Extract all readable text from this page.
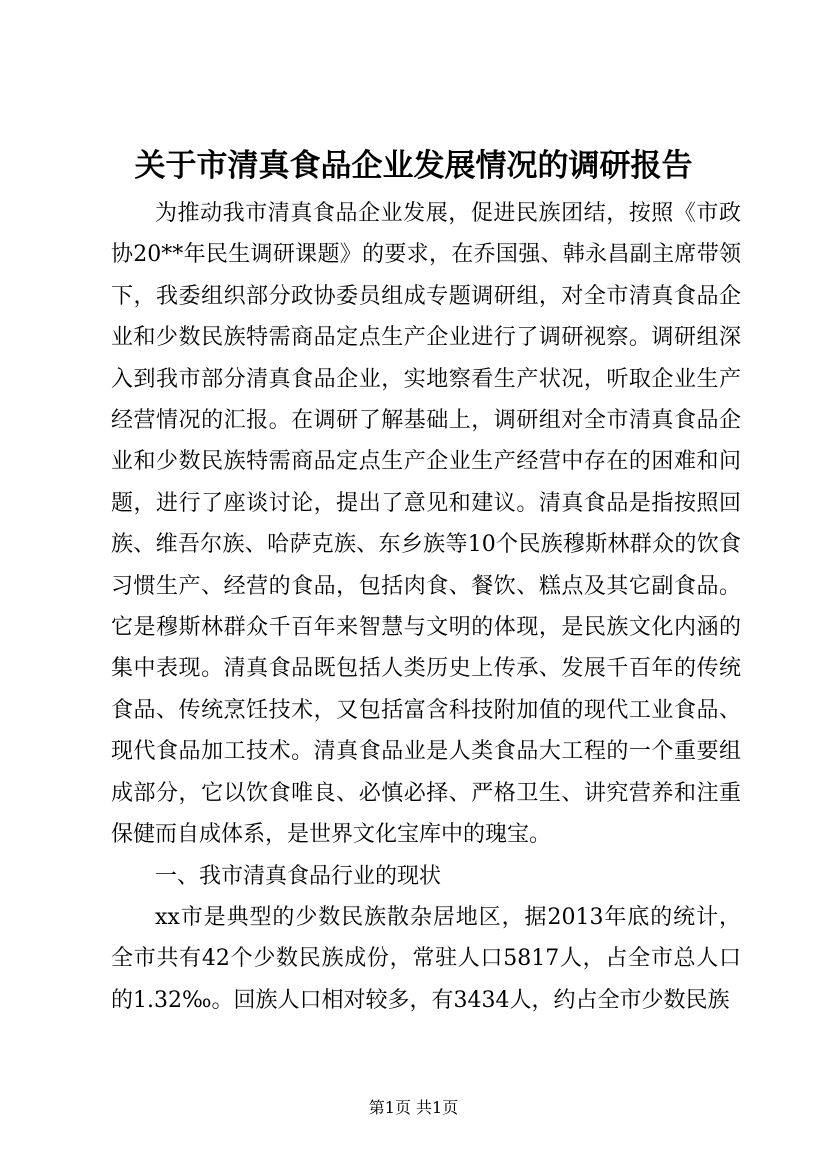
关于市清真食品企业发展情况的调研报告

为推动我市清真食品企业发展，促进民族团结，按照《市政协20**年民生调研课题》的要求，在乔国强、韩永昌副主席带领下，我委组织部分政协委员组成专题调研组，对全市清真食品企业和少数民族特需商品定点生产企业进行了调研视察。调研组深入到我市部分清真食品企业，实地察看生产状况，听取企业生产经营情况的汇报。在调研了解基础上，调研组对全市清真食品企业和少数民族特需商品定点生产企业生产经营中存在的困难和问题，进行了座谈讨论，提出了意见和建议。清真食品是指按照回族、维吾尔族、哈萨克族、东乡族等10个民族穆斯林群众的饮食习惯生产、经营的食品，包括肉食、餐饮、糕点及其它副食品。它是穆斯林群众千百年来智慧与文明的体现，是民族文化内涵的集中表现。清真食品既包括人类历史上传承、发展千百年的传统食品、传统烹饪技术，又包括富含科技附加值的现代工业食品、现代食品加工技术。清真食品业是人类食品大工程的一个重要组成部分，它以饮食唯良、必慎必择、严格卫生、讲究营养和注重保健而自成体系，是世界文化宝库中的瑰宝。

一、我市清真食品行业的现状

xx市是典型的少数民族散杂居地区，据2013年底的统计，全市共有42个少数民族成份，常驻人口5817人，占全市总人口的1.32‰。回族人口相对较多，有3434人，约占全市少数民族

第1页 共1页
